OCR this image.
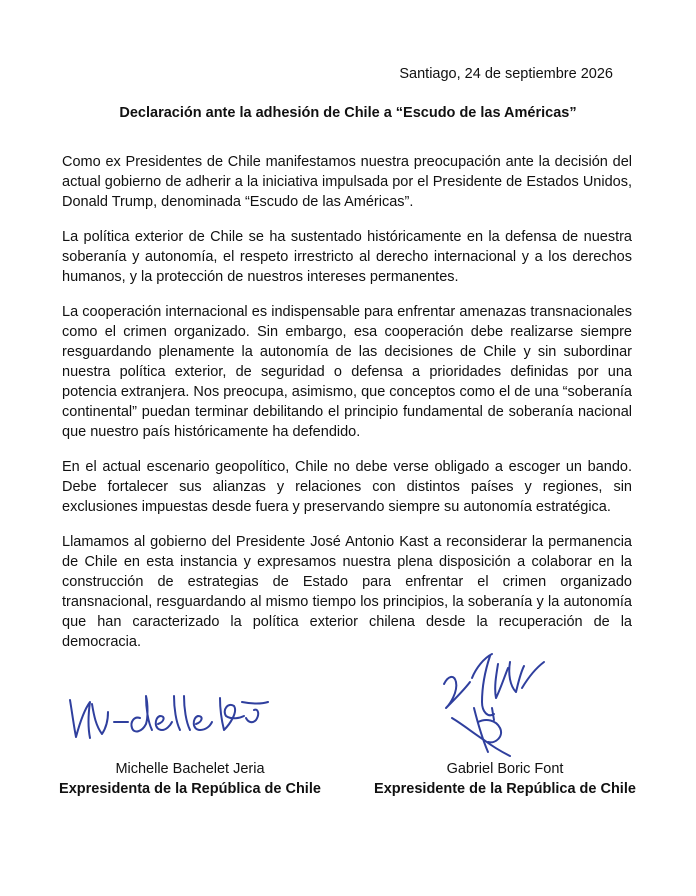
Santiago, 24 de septiembre 2026
Declaración ante la adhesión de Chile a “Escudo de las Américas”

Como ex Presidentes de Chile manifestamos nuestra preocupación ante la decisión del actual gobierno de adherir a la iniciativa impulsada por el Presidente de Estados Unidos, Donald Trump, denominada “Escudo de las Américas”.

La política exterior de Chile se ha sustentado históricamente en la defensa de nuestra soberanía y autonomía, el respeto irrestricto al derecho internacional y a los derechos humanos, y la protección de nuestros intereses permanentes.

La cooperación internacional es indispensable para enfrentar amenazas transnacionales como el crimen organizado. Sin embargo, esa cooperación debe realizarse siempre resguardando plenamente la autonomía de las decisiones de Chile y sin subordinar nuestra política exterior, de seguridad o defensa a prioridades definidas por una potencia extranjera. Nos preocupa, asimismo, que conceptos como el de una “soberanía continental” puedan terminar debilitando el principio fundamental de soberanía nacional que nuestro país históricamente ha defendido.

En el actual escenario geopolítico, Chile no debe verse obligado a escoger un bando. Debe fortalecer sus alianzas y relaciones con distintos países y regiones, sin exclusiones impuestas desde fuera y preservando siempre su autonomía estratégica.

Llamamos al gobierno del Presidente José Antonio Kast a reconsiderar la permanencia de Chile en esta instancia y expresamos nuestra plena disposición a colaborar en la construcción de estrategias de Estado para enfrentar el crimen organizado transnacional, resguardando al mismo tiempo los principios, la soberanía y la autonomía que han caracterizado la política exterior chilena desde la recuperación de la democracia.

Michelle Bachelet Jeria
Expresidenta de la República de Chile
Gabriel Boric Font
Expresidente de la República de Chile
